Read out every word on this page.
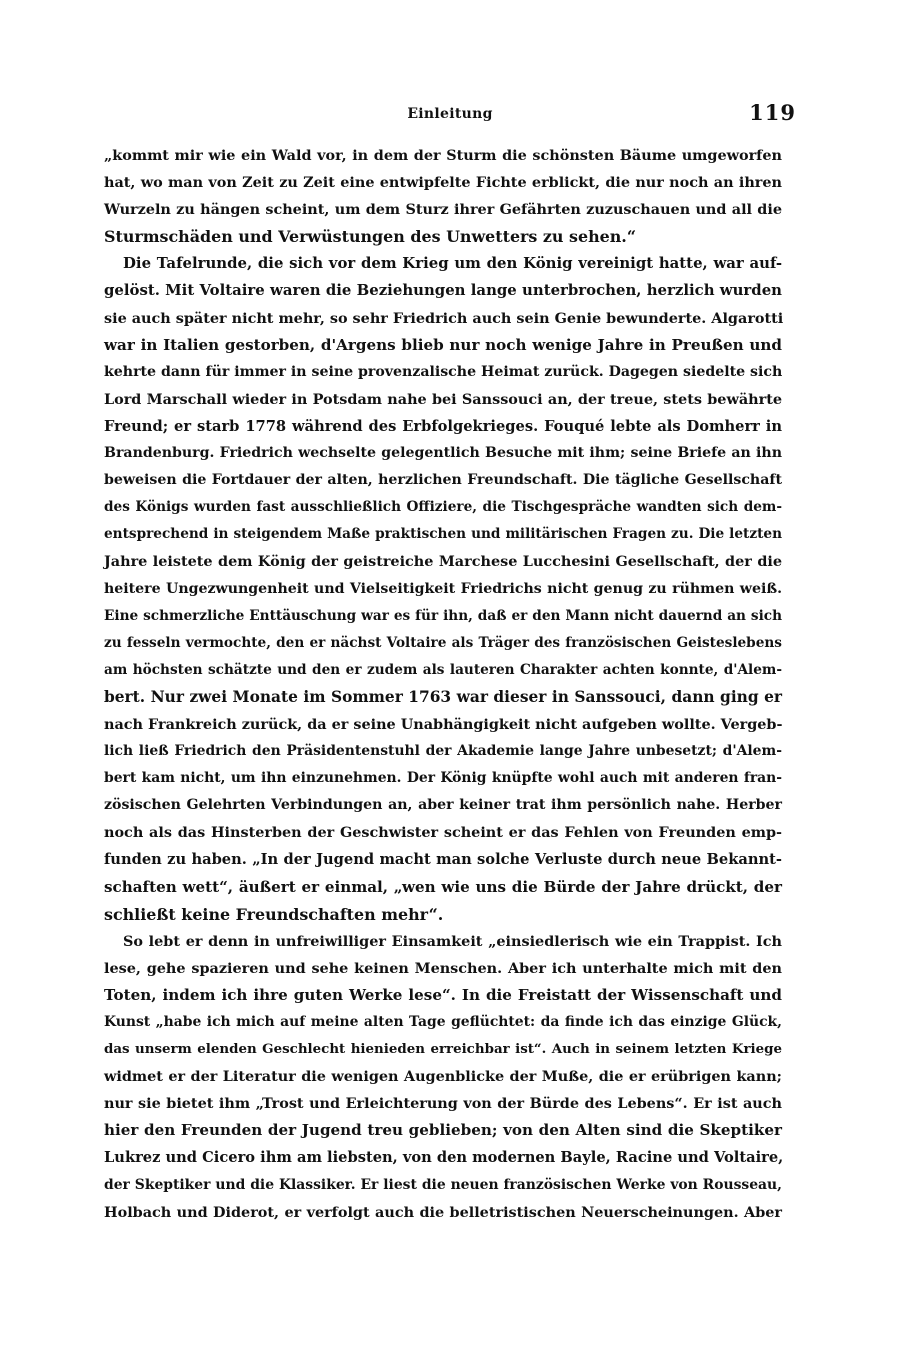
Einleitung	119
„kommt mir wie ein Wald vor, in dem der Sturm die schönsten Bäume umgeworfen
hat, wo man von Zeit zu Zeit eine entwipfelte Fichte erblickt, die nur noch an ihren
Wurzeln zu hängen scheint, um dem Sturz ihrer Gefährten zuzuschauen und all die
Sturmschäden und Verwüstungen des Unwetters zu sehen.“
Die Tafelrunde, die sich vor dem Krieg um den König vereinigt hatte, war auf-
gelöst. Mit Voltaire waren die Beziehungen lange unterbrochen, herzlich wurden
sie auch später nicht mehr, so sehr Friedrich auch sein Genie bewunderte. Algarotti
war in Italien gestorben, d'Argens blieb nur noch wenige Jahre in Preußen und
kehrte dann für immer in seine provenzalische Heimat zurück. Dagegen siedelte sich
Lord Marschall wieder in Potsdam nahe bei Sanssouci an, der treue, stets bewährte
Freund; er starb 1778 während des Erbfolgekrieges. Fouqué lebte als Domherr in
Brandenburg. Friedrich wechselte gelegentlich Besuche mit ihm; seine Briefe an ihn
beweisen die Fortdauer der alten, herzlichen Freundschaft. Die tägliche Gesellschaft
des Königs wurden fast ausschließlich Offiziere, die Tischgespräche wandten sich dem-
entsprechend in steigendem Maße praktischen und militärischen Fragen zu. Die letzten
Jahre leistete dem König der geistreiche Marchese Lucchesini Gesellschaft, der die
heitere Ungezwungenheit und Vielseitigkeit Friedrichs nicht genug zu rühmen weiß.
Eine schmerzliche Enttäuschung war es für ihn, daß er den Mann nicht dauernd an sich
zu fesseln vermochte, den er nächst Voltaire als Träger des französischen Geisteslebens
am höchsten schätzte und den er zudem als lauteren Charakter achten konnte, d'Alem-
bert. Nur zwei Monate im Sommer 1763 war dieser in Sanssouci, dann ging er
nach Frankreich zurück, da er seine Unabhängigkeit nicht aufgeben wollte. Vergeb-
lich ließ Friedrich den Präsidentenstuhl der Akademie lange Jahre unbesetzt; d'Alem-
bert kam nicht, um ihn einzunehmen. Der König knüpfte wohl auch mit anderen fran-
zösischen Gelehrten Verbindungen an, aber keiner trat ihm persönlich nahe. Herber
noch als das Hinsterben der Geschwister scheint er das Fehlen von Freunden emp-
funden zu haben. „In der Jugend macht man solche Verluste durch neue Bekannt-
schaften wett“, äußert er einmal, „wen wie uns die Bürde der Jahre drückt, der
schließt keine Freundschaften mehr“.
So lebt er denn in unfreiwilliger Einsamkeit „einsiedlerisch wie ein Trappist. Ich
lese, gehe spazieren und sehe keinen Menschen. Aber ich unterhalte mich mit den
Toten, indem ich ihre guten Werke lese“. In die Freistatt der Wissenschaft und
Kunst „habe ich mich auf meine alten Tage geflüchtet: da finde ich das einzige Glück,
das unserm elenden Geschlecht hienieden erreichbar ist“. Auch in seinem letzten Kriege
widmet er der Literatur die wenigen Augenblicke der Muße, die er erübrigen kann;
nur sie bietet ihm „Trost und Erleichterung von der Bürde des Lebens“. Er ist auch
hier den Freunden der Jugend treu geblieben; von den Alten sind die Skeptiker
Lukrez und Cicero ihm am liebsten, von den modernen Bayle, Racine und Voltaire,
der Skeptiker und die Klassiker. Er liest die neuen französischen Werke von Rousseau,
Holbach und Diderot, er verfolgt auch die belletristischen Neuerscheinungen. Aber
